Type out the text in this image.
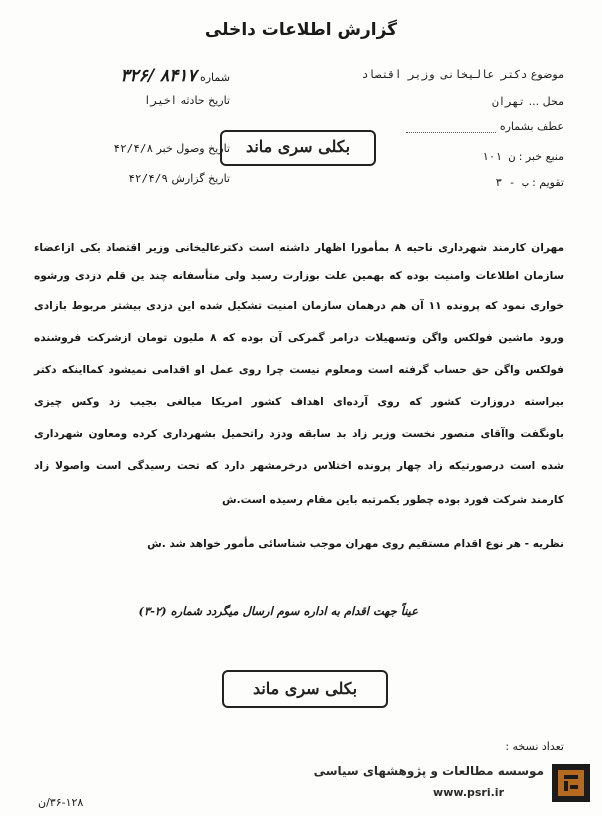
گزارش اطلاعات داخلی
موضوع دکتر عالیخانی وزیر اقتصاد
محل ... تهران
عطف بشماره
منبع خبر : ن ۱۰۱
تقویم : ب - ۳
شماره ۸۴۱۷ /۳۲۶
تاریخ حادثه اخیرا
تاریخ وصول خبر ۴۲/۴/۸
تاریخ گزارش ۴۲/۴/۹
بکلی سری ماند
مهران کارمند شهرداری ناحیه ۸ بمأمورا اظهار داشته است دکترعالیخانی وزیر اقتصاد یکی ازاعضاء
سازمان اطلاعات وامنیت بوده که بهمین علت بوزارت رسید ولی متأسفانه چند ین قلم دزدی ورشوه
خواری نمود که پرونده ۱۱ آن هم درهمان سازمان امنیت تشکیل شده این دزدی بیشتر مربوط بازادی
ورود ماشین فولکس واگن وتسهیلات درامر گمرکی آن بوده که ۸ ملیون تومان ازشرکت فروشنده
فولکس واگن حق حساب گرفته است ومعلوم نیست چرا روی عمل او اقدامی نمیشود کمااینکه دکتر
بیراسته دروزارت کشور که روی آرده‌ای اهداف کشور امریکا میالغی بجیب زد وکس چیزی
باونگفت واآقای منصور نخست وزیر زاد بد سابقه ودزد راتحمیل بشهرداری کرده ومعاون شهرداری
شده است درصورتیکه زاد چهار پرونده اختلاس درخرمشهر دارد که تحت رسیدگی است واصولا زاد
کارمند شرکت فورد بوده چطور یکمرتبه باین مقام رسیده است.ش
نظریه - هر نوع اقدام مستقیم روی مهران موجب شناسائی مأمور خواهد شد .ش
عیناً جهت اقدام به اداره سوم ارسال میگردد شماره (۲-۳)
بکلی سری ماند
تعداد نسخه :
۳۶-۱۲۸/ن
موسسه مطالعات و پژوهشهای سیاسی
www.psri.ir
